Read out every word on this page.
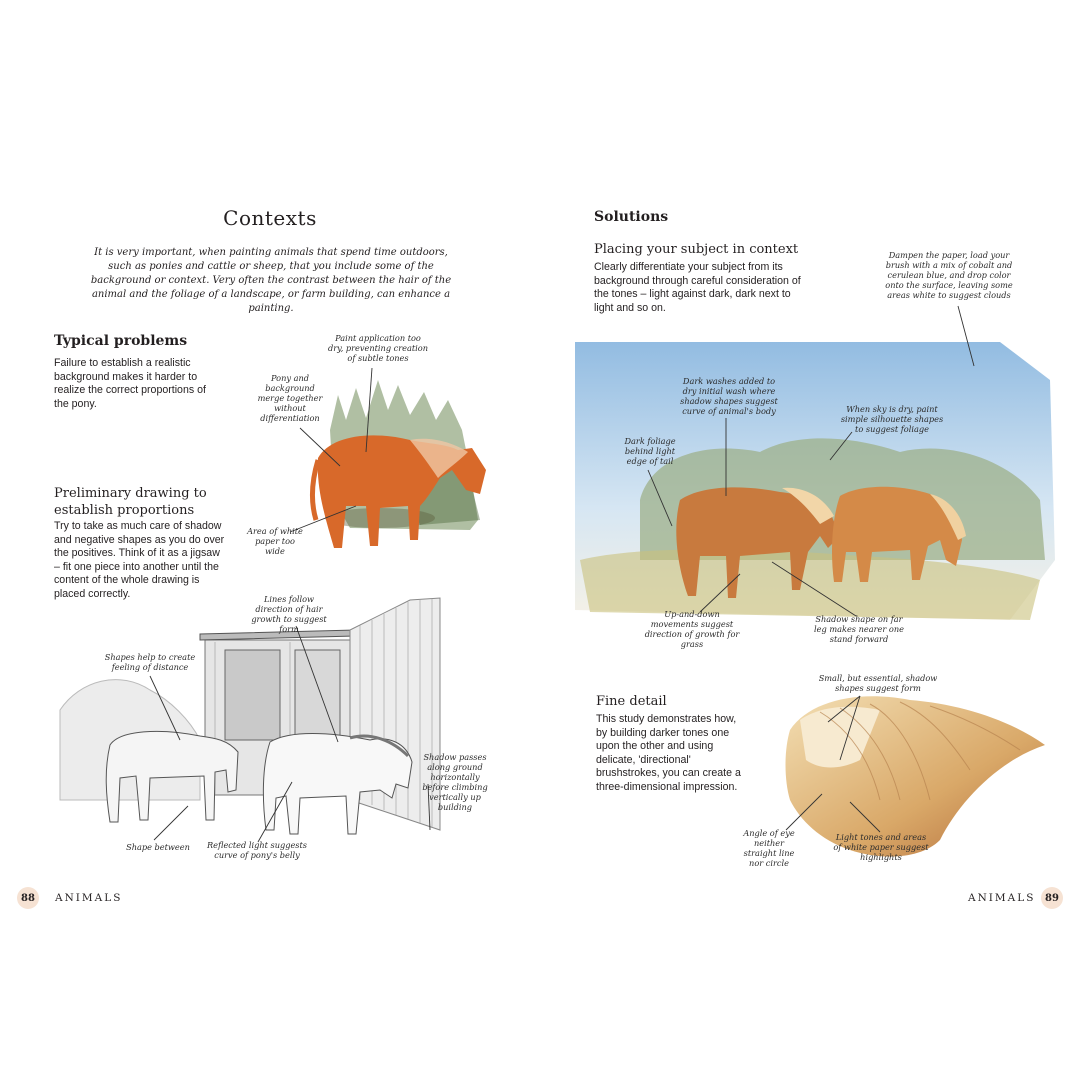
Contexts
It is very important, when painting animals that spend time outdoors, such as ponies and cattle or sheep, that you include some of the background or context. Very often the contrast between the hair of the animal and the foliage of a landscape, or farm building, can enhance a painting.
Typical problems
Failure to establish a realistic background makes it harder to realize the correct proportions of the pony.
Preliminary drawing to establish proportions
Try to take as much care of shadow and negative shapes as you do over the positives. Think of it as a jigsaw – fit one piece into another until the content of the whole drawing is placed correctly.
Paint application too dry, preventing creation of subtle tones
Pony and background merge together without differentiation
Area of white paper too wide
Lines follow direction of hair growth to suggest form
Shapes help to create feeling of distance
Shadow passes along ground horizontally before climbing vertically up building
Shape between	Reflected light suggests curve of pony's belly
88	ANIMALS
Solutions
Placing your subject in context
Clearly differentiate your subject from its background through careful consideration of the tones – light against dark, dark next to light and so on.
Fine detail
This study demonstrates how, by building darker tones one upon the other and using delicate, 'directional' brushstrokes, you can create a three-dimensional impression.
Dampen the paper, load your brush with a mix of cobalt and cerulean blue, and drop color onto the surface, leaving some areas white to suggest clouds
Dark washes added to dry initial wash where shadow shapes suggest curve of animal's body	When sky is dry, paint simple silhouette shapes to suggest foliage
Dark foliage behind light edge of tail
Up-and-down movements suggest direction of growth for grass
Shadow shape on far leg makes nearer one stand forward
Small, but essential, shadow shapes suggest form
Angle of eye neither straight line nor circle
Light tones and areas of white paper suggest highlights
ANIMALS 89
